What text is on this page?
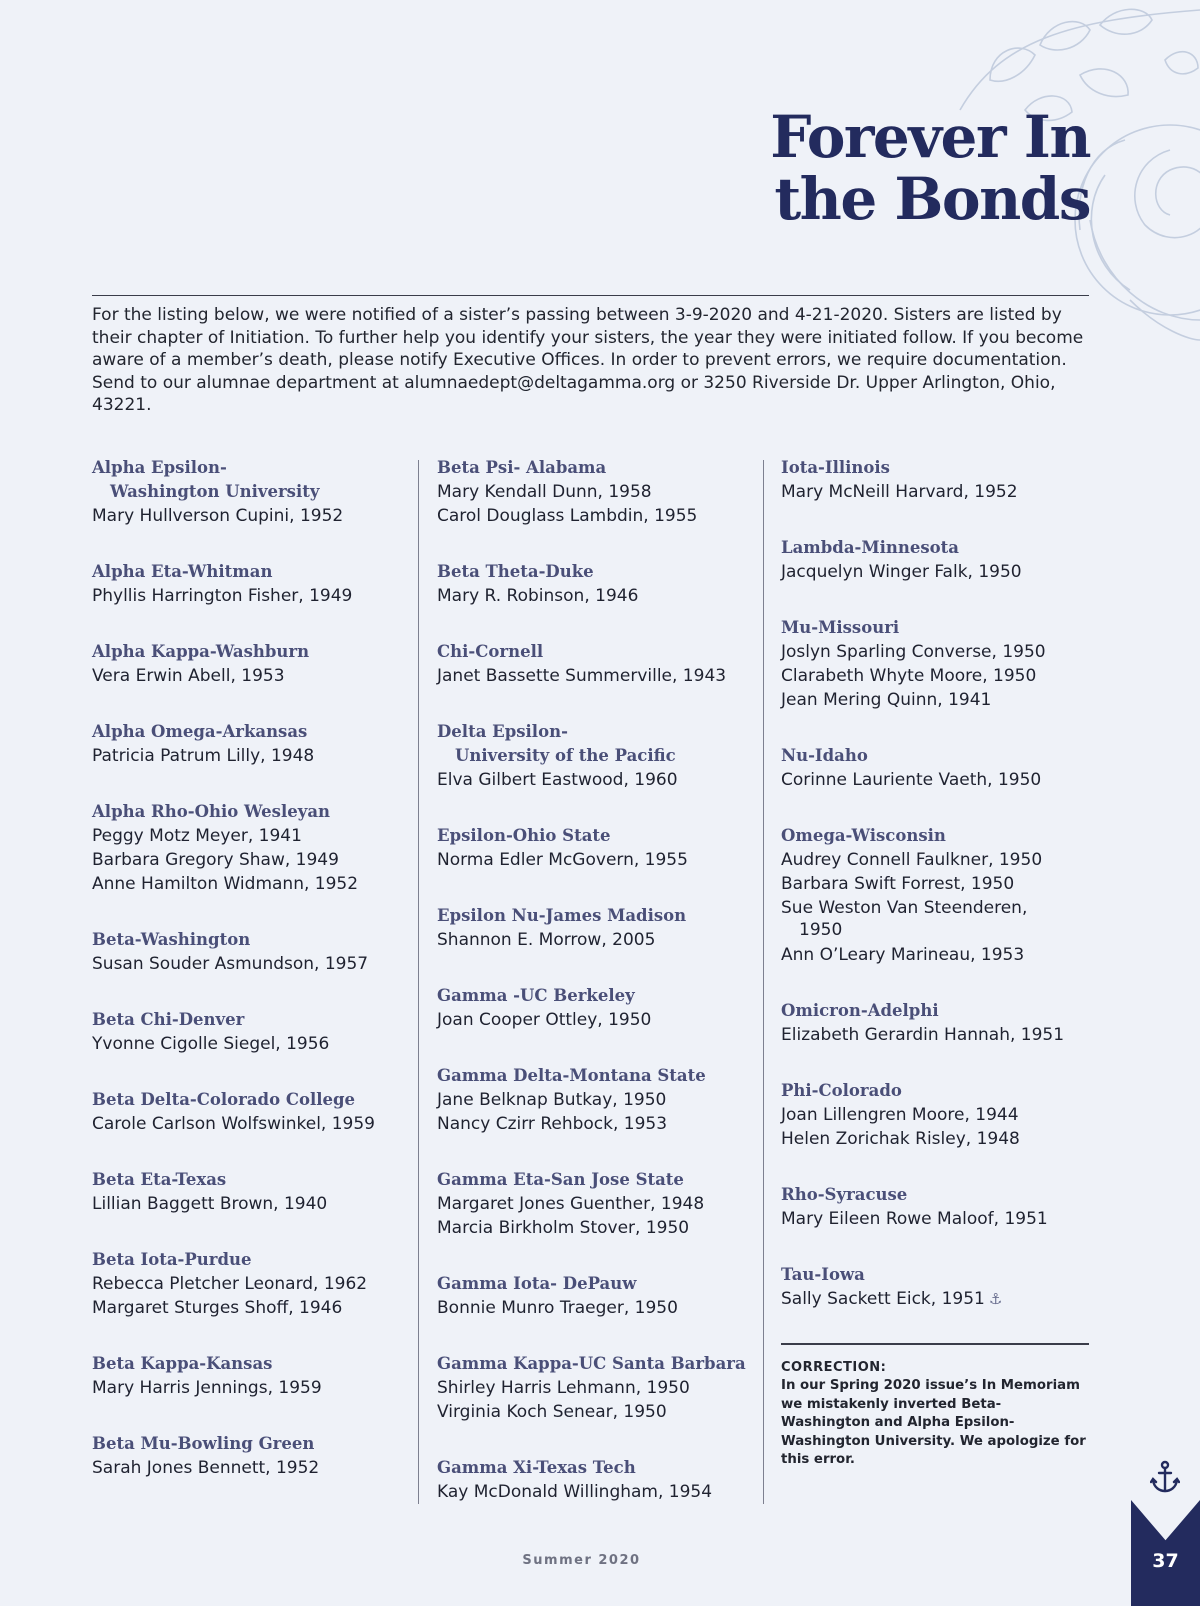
Forever In
the Bonds

For the listing below, we were notified of a sister’s passing between 3-9-2020 and 4-21-2020. Sisters are listed by their chapter of Initiation. To further help you identify your sisters, the year they were initiated follow. If you become aware of a member’s death, please notify Executive Offices. In order to prevent errors, we require documentation. Send to our alumnae department at alumnaedept@deltagamma.org or 3250 Riverside Dr. Upper Arlington, Ohio, 43221.

Alpha Epsilon-
Washington University
Mary Hullverson Cupini, 1952
Alpha Eta-Whitman
Phyllis Harrington Fisher, 1949
Alpha Kappa-Washburn
Vera Erwin Abell, 1953
Alpha Omega-Arkansas
Patricia Patrum Lilly, 1948
Alpha Rho-Ohio Wesleyan
Peggy Motz Meyer, 1941
Barbara Gregory Shaw, 1949
Anne Hamilton Widmann, 1952
Beta-Washington
Susan Souder Asmundson, 1957
Beta Chi-Denver
Yvonne Cigolle Siegel, 1956
Beta Delta-Colorado College
Carole Carlson Wolfswinkel, 1959
Beta Eta-Texas
Lillian Baggett Brown, 1940
Beta Iota-Purdue
Rebecca Pletcher Leonard, 1962
Margaret Sturges Shoff, 1946
Beta Kappa-Kansas
Mary Harris Jennings, 1959
Beta Mu-Bowling Green
Sarah Jones Bennett, 1952
Beta Psi- Alabama
Mary Kendall Dunn, 1958
Carol Douglass Lambdin, 1955
Beta Theta-Duke
Mary R. Robinson, 1946
Chi-Cornell
Janet Bassette Summerville, 1943
Delta Epsilon-
University of the Pacific
Elva Gilbert Eastwood, 1960
Epsilon-Ohio State
Norma Edler McGovern, 1955
Epsilon Nu-James Madison
Shannon E. Morrow, 2005
Gamma -UC Berkeley
Joan Cooper Ottley, 1950
Gamma Delta-Montana State
Jane Belknap Butkay, 1950
Nancy Czirr Rehbock, 1953
Gamma Eta-San Jose State
Margaret Jones Guenther, 1948
Marcia Birkholm Stover, 1950
Gamma Iota- DePauw
Bonnie Munro Traeger, 1950
Gamma Kappa-UC Santa Barbara
Shirley Harris Lehmann, 1950
Virginia Koch Senear, 1950
Gamma Xi-Texas Tech
Kay McDonald Willingham, 1954
Iota-Illinois
Mary McNeill Harvard, 1952
Lambda-Minnesota
Jacquelyn Winger Falk, 1950
Mu-Missouri
Joslyn Sparling Converse, 1950
Clarabeth Whyte Moore, 1950
Jean Mering Quinn, 1941
Nu-Idaho
Corinne Lauriente Vaeth, 1950
Omega-Wisconsin
Audrey Connell Faulkner, 1950
Barbara Swift Forrest, 1950
Sue Weston Van Steenderen,
1950
Ann O’Leary Marineau, 1953
Omicron-Adelphi
Elizabeth Gerardin Hannah, 1951
Phi-Colorado
Joan Lillengren Moore, 1944
Helen Zorichak Risley, 1948
Rho-Syracuse
Mary Eileen Rowe Maloof, 1951
Tau-Iowa
Sally Sackett Eick, 1951 ⚓
CORRECTION:
In our Spring 2020 issue’s In Memoriam we mistakenly inverted Beta-Washington and Alpha Epsilon-Washington University. We apologize for this error.
Summer 2020	37
